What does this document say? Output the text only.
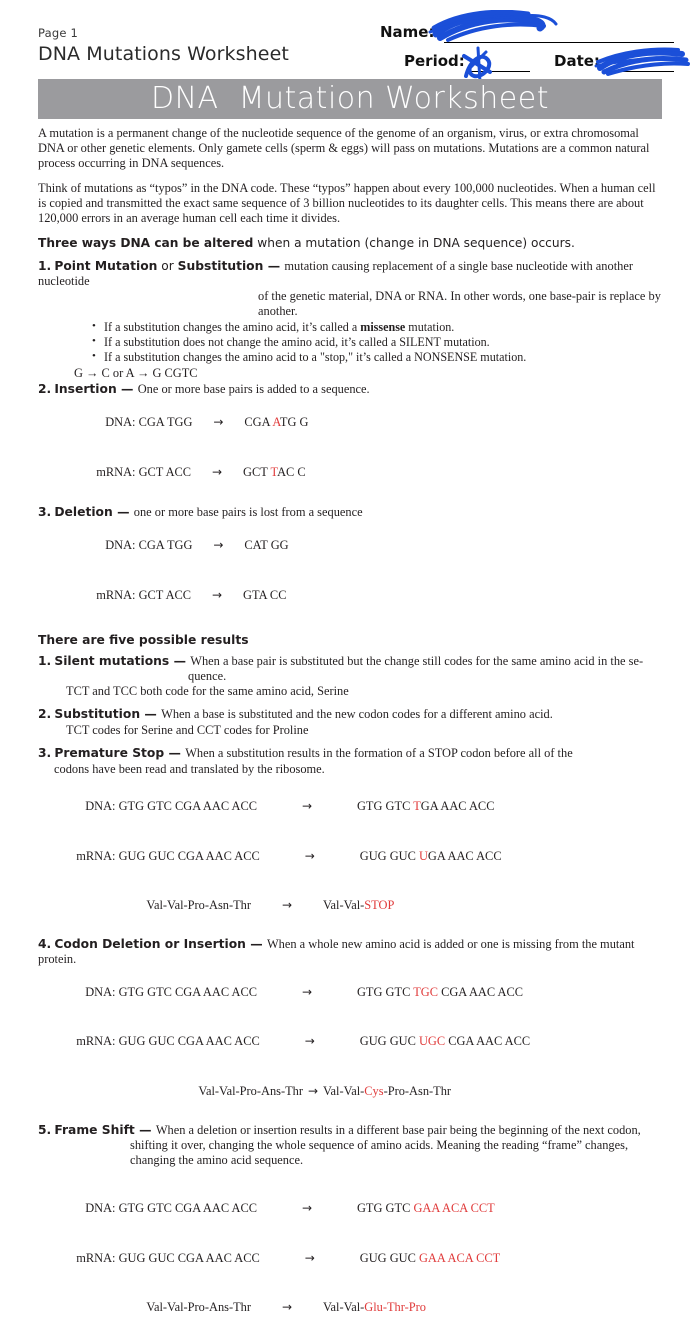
Page 1
DNA Mutations Worksheet
Name:
Period:	Date:
DNA  Mutation Worksheet

A mutation is a permanent change of the nucleotide sequence of the genome of an organism, virus, or extra chromosomal DNA or other genetic elements. Only gamete cells (sperm & eggs) will pass on mutations. Mutations are a common natural process occurring in DNA sequences.

Think of mutations as “typos” in the DNA code. These “typos” happen about every 100,000 nucleotides. When a human cell is copied and transmitted the exact same sequence of 3 billion nucleotides to its daughter cells. This means there are about 120,000 errors in an average human cell each time it divides.

Three ways DNA can be altered when a mutation (change in DNA sequence) occurs.
1. Point Mutation or Substitution — mutation causing replacement of a single base nucleotide with another nucleotide
of the genetic material, DNA or RNA. In other words, one base-pair is replace by
another.
• If a substitution changes the amino acid, it’s called a missense mutation.
• If a substitution does not change the amino acid, it’s called a SILENT mutation.
• If a substitution changes the amino acid to a "stop," it’s called a NONSENSE mutation.
G → C or A → G CGTC
2. Insertion — One or more base pairs is added to a sequence.

DNA: CGA TGG → CGA ATG G

mRNA: GCT ACC → GCT TAC C

3. Deletion — one or more base pairs is lost from a sequence

DNA: CGA TGG → CAT GG

mRNA: GCT ACC → GTA CC

There are five possible results
1. Silent mutations — When a base pair is substituted but the change still codes for the same amino acid in the se-
quence.
TCT and TCC both code for the same amino acid, Serine
2. Substitution — When a base is substituted and the new codon codes for a different amino acid.
TCT codes for Serine and CCT codes for Proline
3. Premature Stop — When a substitution results in the formation of a STOP codon before all of the
codons have been read and translated by the ribosome.

DNA: GTG GTC CGA AAC ACC	→	GTG GTC TGA AAC ACC

mRNA: GUG GUC CGA AAC ACC	→	GUG GUC UGA AAC ACC

Val-Val-Pro-Asn-Thr	→ Val-Val-STOP

4. Codon Deletion or Insertion — When a whole new amino acid is added or one is missing from the mutant protein.

DNA: GTG GTC CGA AAC ACC	→	GTG GTC TGC CGA AAC ACC

mRNA: GUG GUC CGA AAC ACC	→	GUG GUC UGC CGA AAC ACC

Val-Val-Pro-Ans-Thr → Val-Val-Cys-Pro-Asn-Thr

5. Frame Shift — When a deletion or insertion results in a different base pair being the beginning of the next codon,
shifting it over, changing the whole sequence of amino acids. Meaning the reading “frame” changes,
changing the amino acid sequence.

DNA: GTG GTC CGA AAC ACC	→	GTG GTC GAA ACA CCT

mRNA: GUG GUC CGA AAC ACC	→	GUG GUC GAA ACA CCT

Val-Val-Pro-Ans-Thr	→ Val-Val-Glu-Thr-Pro
